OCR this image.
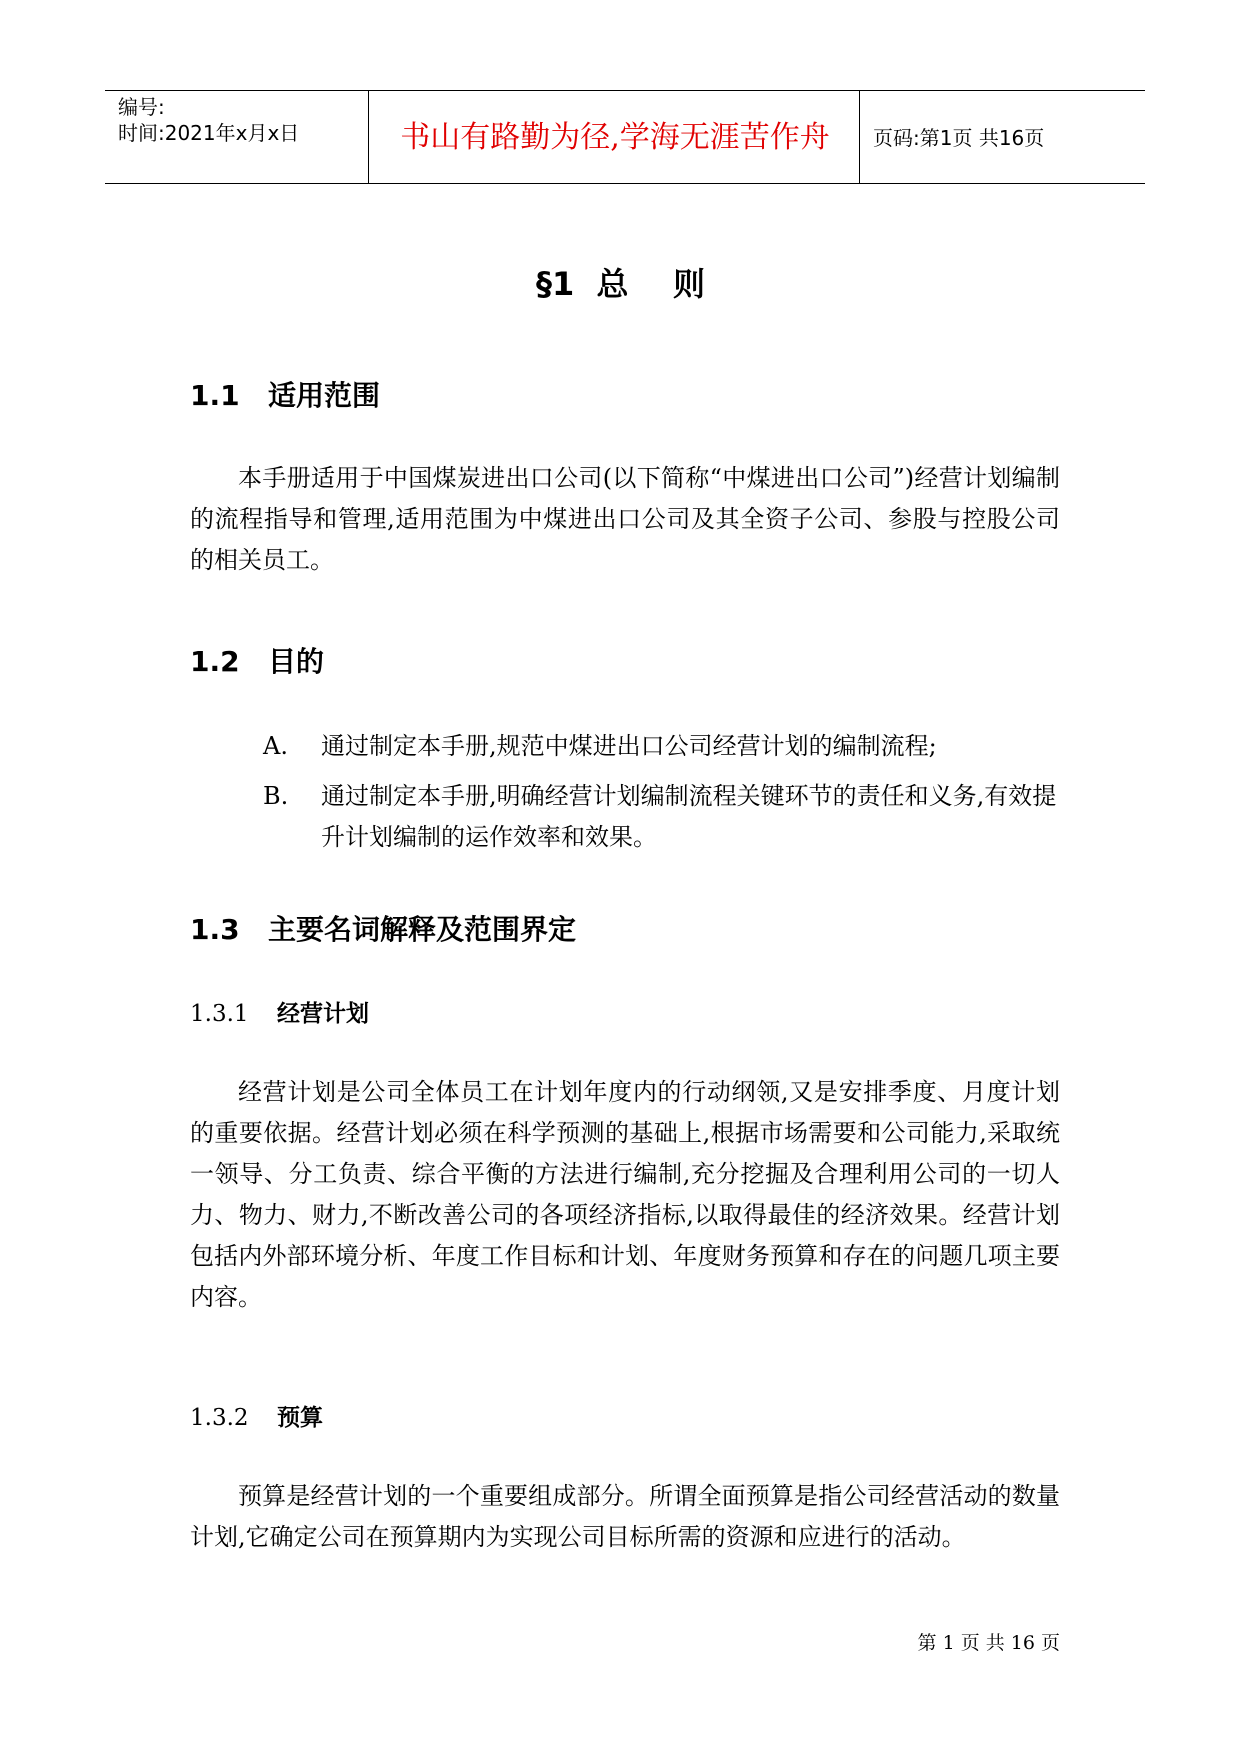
编号:
时间:2021年x月x日	书山有路勤为径,学海无涯苦作舟	页码:第1页 共16页
§1  总    则
1.1 适用范围

本手册适用于中国煤炭进出口公司(以下简称“中煤进出口公司”)经营计划编制的流程指导和管理,适用范围为中煤进出口公司及其全资子公司、参股与控股公司的相关员工。

1.2 目的
A. 通过制定本手册,规范中煤进出口公司经营计划的编制流程;
B. 通过制定本手册,明确经营计划编制流程关键环节的责任和义务,有效提升计划编制的运作效率和效果。
1.3 主要名词解释及范围界定
1.3.1 经营计划

经营计划是公司全体员工在计划年度内的行动纲领,又是安排季度、月度计划的重要依据。经营计划必须在科学预测的基础上,根据市场需要和公司能力,采取统一领导、分工负责、综合平衡的方法进行编制,充分挖掘及合理利用公司的一切人力、物力、财力,不断改善公司的各项经济指标,以取得最佳的经济效果。经营计划包括内外部环境分析、年度工作目标和计划、年度财务预算和存在的问题几项主要内容。

1.3.2 预算

预算是经营计划的一个重要组成部分。所谓全面预算是指公司经营活动的数量计划,它确定公司在预算期内为实现公司目标所需的资源和应进行的活动。

第 1 页 共 16 页
